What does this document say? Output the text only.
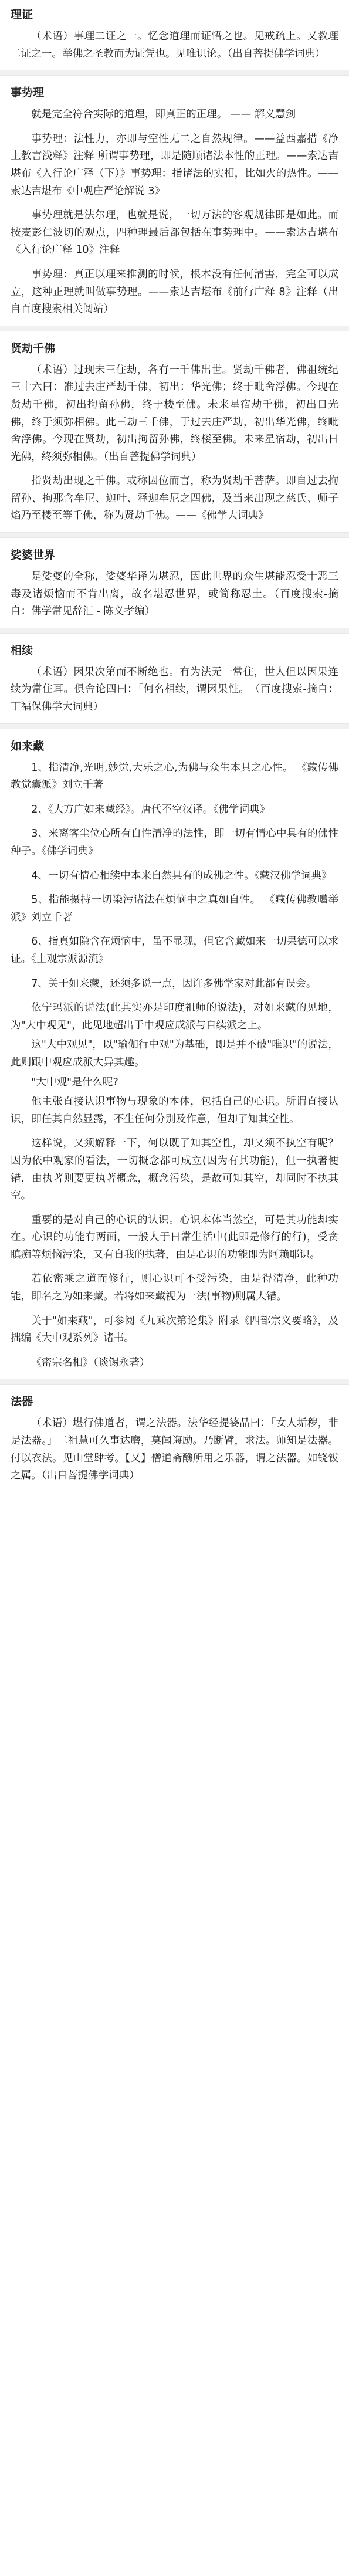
理证

（术语）事理二证之一。忆念道理而证悟之也。见戒疏上。又教理二证之一。举佛之圣教而为证凭也。见唯识论。（出自菩提佛学词典）

事势理

就是完全符合实际的道理，即真正的正理。 —— 解义慧剑

事势理：法性力，亦即与空性无二之自然规律。——益西嘉措《净土教言浅释》注释 所谓事势理，即是随顺诸法本性的正理。——索达吉堪布《入行论广释（下）》事势理：指诸法的实相，比如火的热性。——索达吉堪布《中观庄严论解说 3》

事势理就是法尔理，也就是说，一切万法的客观规律即是如此。而按麦彭仁波切的观点，四种理最后都包括在事势理中。——索达吉堪布《入行论广释 10》注释

事势理：真正以理来推测的时候，根本没有任何清害，完全可以成立，这种正理就叫做事势理。——索达吉堪布《前行广释 8》注释（出自百度搜索相关阅站）

贤劫千佛

（术语）过现未三住劫，各有一千佛出世。贤劫千佛者，佛祖统纪三十六曰：准过去庄严劫千佛，初出：华光佛；终于毗舍浮佛。今现在贤劫千佛，初出拘留孙佛，终于楼至佛。未来星宿劫千佛，初出日光佛，终于须弥相佛。此三劫三千佛，于过去庄严劫，初出华光佛，终毗舍浮佛。今现在贤劫，初出拘留孙佛，终楼至佛。未来星宿劫，初出日光佛，终须弥相佛。（出自菩提佛学词典）

指贤劫出现之千佛。或称因位而言，称为贤劫千菩萨。即自过去拘留孙、拘那含牟尼、迦叶、释迦牟尼之四佛，及当来出现之慈氏、师子焰乃至楼至等千佛，称为贤劫千佛。——《佛学大词典》

娑婆世界

是娑婆的全称，娑婆华译为堪忍，因此世界的众生堪能忍受十恶三毒及诸烦恼而不肯出离，故名堪忍世界，或简称忍土。（百度搜索-摘自：佛学常见辞汇 - 陈义孝编）

相续

（术语）因果次第而不断绝也。有为法无一常住，世人但以因果连续为常住耳。俱舍论四曰：「何名相续，谓因果性。」（百度搜索-摘自：丁福保佛学大词典）

如来藏

1、指清净,光明,妙觉,大乐之心,为佛与众生本具之心性。 《藏传佛教觉囊派》刘立千著

2、《大方广如来藏经》。唐代不空汉译。《佛学词典》

3、来离客尘位心所有自性清净的法性，即一切有情心中具有的佛性种子。《佛学词典》

4、一切有情心相续中本来自然具有的成佛之性。《藏汉佛学词典》

5、指能摄持一切染污诸法在烦恼中之真如自性。 《藏传佛教噶举派》刘立千著

6、指真如隐含在烦恼中，虽不显现，但它含藏如来一切果德可以求证。《土观宗派源流》

7、关于如来藏，还须多说一点，因许多佛学家对此都有误会。

依宁玛派的说法(此其实亦是印度祖师的说法)，对如来藏的见地，为"大中观见"，此见地超出于中观应成派与自续派之上。

这"大中观见"，以"瑜伽行中观"为基础，即是并不破"唯识"的说法，此则跟中观应成派大异其趣。

"大中观"是什么呢?

他主张直接认识事物与现象的本体，包括自己的心识。所谓直接认识，即任其自然显露，不生任何分别及作意，但却了知其空性。

这样说，又须解释一下，何以既了知其空性，却又须不执空有呢？因为依中观家的看法，一切概念都可成立(因为有其功能)，但一执著便错，由执著则要更执著概念，概念污染，是故可知其空，却同时不执其空。

重要的是对自己的心识的认识。心识本体当然空，可是其功能却实在。心识的功能有两面，一般人于日常生活中(此即是修行的行)，受贪瞋痴等烦恼污染，又有自我的执著，由是心识的功能即为阿赖耶识。

若依密乘之道而修行，则心识可不受污染，由是得清净，此种功能，即名之为如来藏。若将如来藏视为一法(事物)则属大错。

关于"如来藏"，可参阅《九乘次第论集》附录《四部宗义要略》，及拙编《大中观系列》诸书。

《密宗名相》（谈锡永著）

法器

（术语）堪行佛道者，谓之法器。法华经提婆品曰：「女人垢秽，非是法器。」二祖慧可久事达磨，莫闻诲励。乃断臂，求法。师知是法器。付以衣法。见山堂肆考。【又】僧道斋醮所用之乐器，谓之法器。如铙钹之属。（出自菩提佛学词典）
